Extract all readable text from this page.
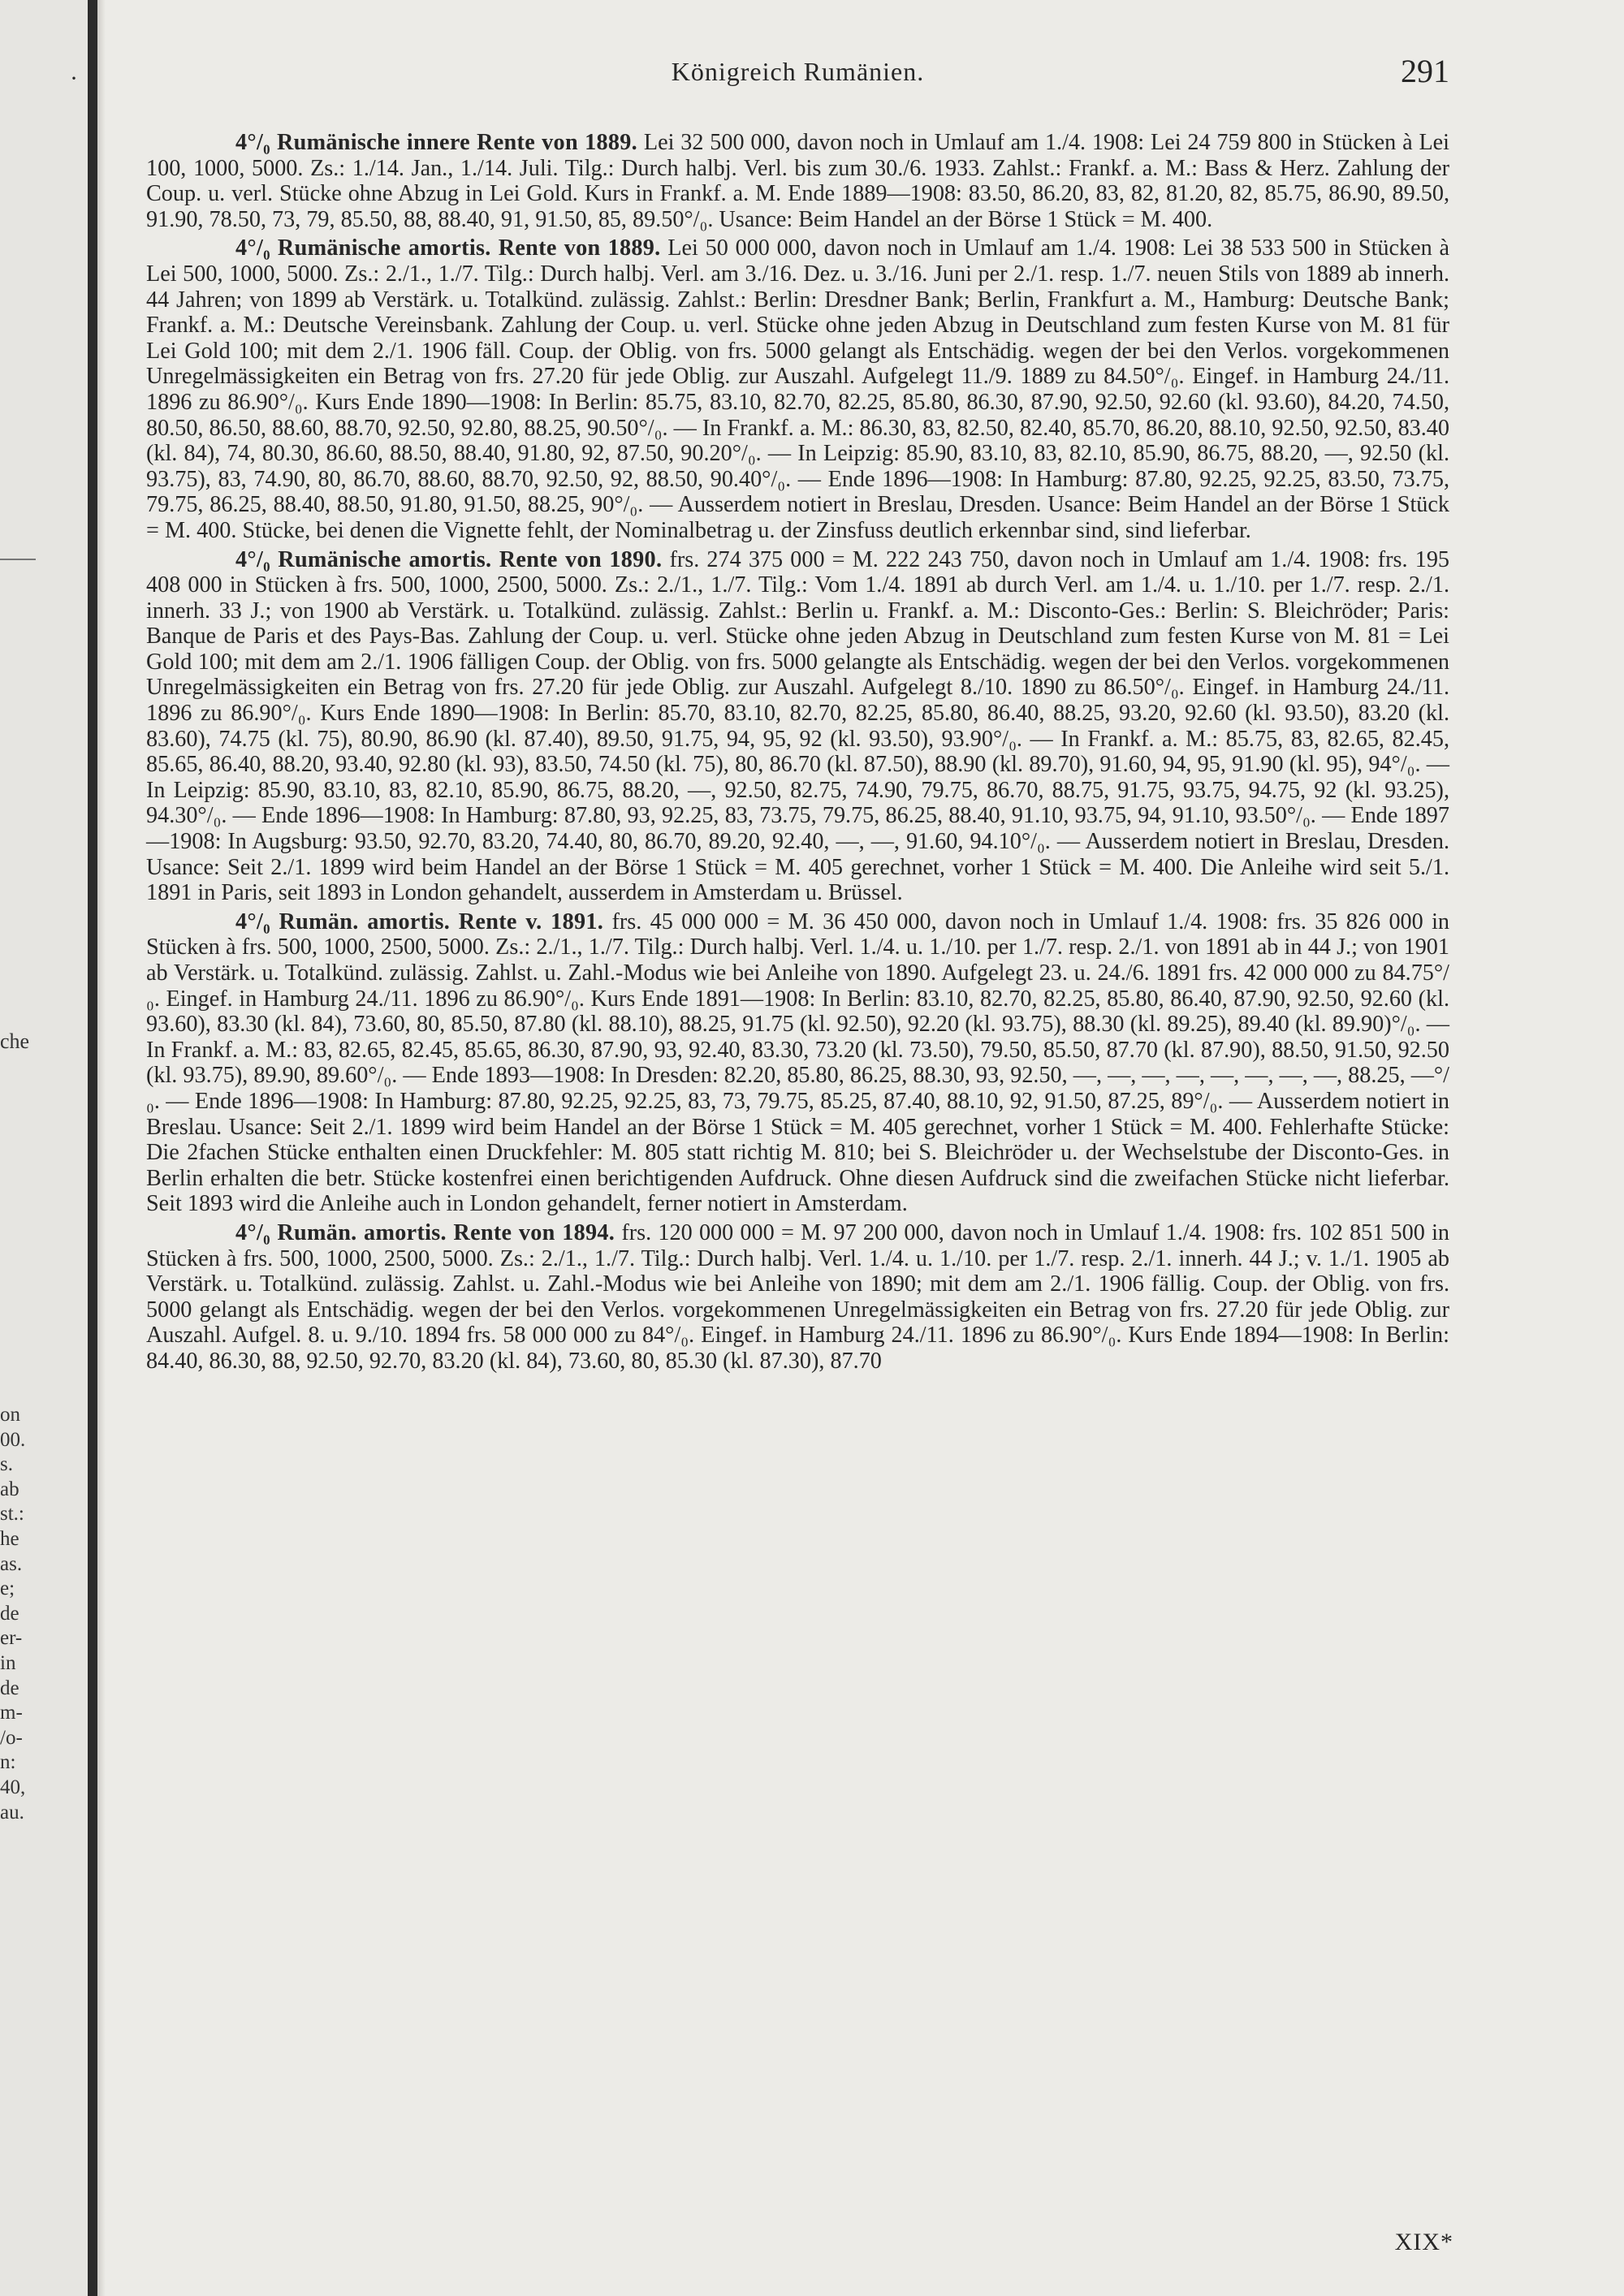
·
che
on
00.
s.
ab
st.:
he
as.
e;
de
er-
in
de
m-
/o-
n:
40,
au.
Königreich Rumänien.	291

4°/₀ Rumänische innere Rente von 1889. Lei 32 500 000, davon noch in Umlauf am 1./4. 1908: Lei 24 759 800 in Stücken à Lei 100, 1000, 5000. Zs.: 1./14. Jan., 1./14. Juli. Tilg.: Durch halbj. Verl. bis zum 30./6. 1933. Zahlst.: Frankf. a. M.: Bass & Herz. Zahlung der Coup. u. verl. Stücke ohne Abzug in Lei Gold. Kurs in Frankf. a. M. Ende 1889—1908: 83.50, 86.20, 83, 82, 81.20, 82, 85.75, 86.90, 89.50, 91.90, 78.50, 73, 79, 85.50, 88, 88.40, 91, 91.50, 85, 89.50°/₀. Usance: Beim Handel an der Börse 1 Stück = M. 400.

4°/₀ Rumänische amortis. Rente von 1889. Lei 50 000 000, davon noch in Umlauf am 1./4. 1908: Lei 38 533 500 in Stücken à Lei 500, 1000, 5000. Zs.: 2./1., 1./7. Tilg.: Durch halbj. Verl. am 3./16. Dez. u. 3./16. Juni per 2./1. resp. 1./7. neuen Stils von 1889 ab innerh. 44 Jahren; von 1899 ab Verstärk. u. Totalkünd. zulässig. Zahlst.: Berlin: Dresdner Bank; Berlin, Frankfurt a. M., Hamburg: Deutsche Bank; Frankf. a. M.: Deutsche Vereinsbank. Zahlung der Coup. u. verl. Stücke ohne jeden Abzug in Deutschland zum festen Kurse von M. 81 für Lei Gold 100; mit dem 2./1. 1906 fäll. Coup. der Oblig. von frs. 5000 gelangt als Entschädig. wegen der bei den Verlos. vorgekommenen Unregelmässigkeiten ein Betrag von frs. 27.20 für jede Oblig. zur Auszahl. Aufgelegt 11./9. 1889 zu 84.50°/₀. Eingef. in Hamburg 24./11. 1896 zu 86.90°/₀. Kurs Ende 1890—1908: In Berlin: 85.75, 83.10, 82.70, 82.25, 85.80, 86.30, 87.90, 92.50, 92.60 (kl. 93.60), 84.20, 74.50, 80.50, 86.50, 88.60, 88.70, 92.50, 92.80, 88.25, 90.50°/₀. — In Frankf. a. M.: 86.30, 83, 82.50, 82.40, 85.70, 86.20, 88.10, 92.50, 92.50, 83.40 (kl. 84), 74, 80.30, 86.60, 88.50, 88.40, 91.80, 92, 87.50, 90.20°/₀. — In Leipzig: 85.90, 83.10, 83, 82.10, 85.90, 86.75, 88.20, —, 92.50 (kl. 93.75), 83, 74.90, 80, 86.70, 88.60, 88.70, 92.50, 92, 88.50, 90.40°/₀. — Ende 1896—1908: In Hamburg: 87.80, 92.25, 92.25, 83.50, 73.75, 79.75, 86.25, 88.40, 88.50, 91.80, 91.50, 88.25, 90°/₀. — Ausserdem notiert in Breslau, Dresden. Usance: Beim Handel an der Börse 1 Stück = M. 400. Stücke, bei denen die Vignette fehlt, der Nominalbetrag u. der Zinsfuss deutlich erkennbar sind, sind lieferbar.

4°/₀ Rumänische amortis. Rente von 1890. frs. 274 375 000 = M. 222 243 750, davon noch in Umlauf am 1./4. 1908: frs. 195 408 000 in Stücken à frs. 500, 1000, 2500, 5000. Zs.: 2./1., 1./7. Tilg.: Vom 1./4. 1891 ab durch Verl. am 1./4. u. 1./10. per 1./7. resp. 2./1. innerh. 33 J.; von 1900 ab Verstärk. u. Totalkünd. zulässig. Zahlst.: Berlin u. Frankf. a. M.: Disconto-Ges.: Berlin: S. Bleichröder; Paris: Banque de Paris et des Pays-Bas. Zahlung der Coup. u. verl. Stücke ohne jeden Abzug in Deutschland zum festen Kurse von M. 81 = Lei Gold 100; mit dem am 2./1. 1906 fälligen Coup. der Oblig. von frs. 5000 gelangte als Entschädig. wegen der bei den Verlos. vorgekommenen Unregelmässigkeiten ein Betrag von frs. 27.20 für jede Oblig. zur Auszahl. Aufgelegt 8./10. 1890 zu 86.50°/₀. Eingef. in Hamburg 24./11. 1896 zu 86.90°/₀. Kurs Ende 1890—1908: In Berlin: 85.70, 83.10, 82.70, 82.25, 85.80, 86.40, 88.25, 93.20, 92.60 (kl. 93.50), 83.20 (kl. 83.60), 74.75 (kl. 75), 80.90, 86.90 (kl. 87.40), 89.50, 91.75, 94, 95, 92 (kl. 93.50), 93.90°/₀. — In Frankf. a. M.: 85.75, 83, 82.65, 82.45, 85.65, 86.40, 88.20, 93.40, 92.80 (kl. 93), 83.50, 74.50 (kl. 75), 80, 86.70 (kl. 87.50), 88.90 (kl. 89.70), 91.60, 94, 95, 91.90 (kl. 95), 94°/₀. — In Leipzig: 85.90, 83.10, 83, 82.10, 85.90, 86.75, 88.20, —, 92.50, 82.75, 74.90, 79.75, 86.70, 88.75, 91.75, 93.75, 94.75, 92 (kl. 93.25), 94.30°/₀. — Ende 1896—1908: In Hamburg: 87.80, 93, 92.25, 83, 73.75, 79.75, 86.25, 88.40, 91.10, 93.75, 94, 91.10, 93.50°/₀. — Ende 1897—1908: In Augsburg: 93.50, 92.70, 83.20, 74.40, 80, 86.70, 89.20, 92.40, —, —, 91.60, 94.10°/₀. — Ausserdem notiert in Breslau, Dresden. Usance: Seit 2./1. 1899 wird beim Handel an der Börse 1 Stück = M. 405 gerechnet, vorher 1 Stück = M. 400. Die Anleihe wird seit 5./1. 1891 in Paris, seit 1893 in London gehandelt, ausserdem in Amsterdam u. Brüssel.

4°/₀ Rumän. amortis. Rente v. 1891. frs. 45 000 000 = M. 36 450 000, davon noch in Umlauf 1./4. 1908: frs. 35 826 000 in Stücken à frs. 500, 1000, 2500, 5000. Zs.: 2./1., 1./7. Tilg.: Durch halbj. Verl. 1./4. u. 1./10. per 1./7. resp. 2./1. von 1891 ab in 44 J.; von 1901 ab Verstärk. u. Totalkünd. zulässig. Zahlst. u. Zahl.-Modus wie bei Anleihe von 1890. Aufgelegt 23. u. 24./6. 1891 frs. 42 000 000 zu 84.75°/₀. Eingef. in Hamburg 24./11. 1896 zu 86.90°/₀. Kurs Ende 1891—1908: In Berlin: 83.10, 82.70, 82.25, 85.80, 86.40, 87.90, 92.50, 92.60 (kl. 93.60), 83.30 (kl. 84), 73.60, 80, 85.50, 87.80 (kl. 88.10), 88.25, 91.75 (kl. 92.50), 92.20 (kl. 93.75), 88.30 (kl. 89.25), 89.40 (kl. 89.90)°/₀. — In Frankf. a. M.: 83, 82.65, 82.45, 85.65, 86.30, 87.90, 93, 92.40, 83.30, 73.20 (kl. 73.50), 79.50, 85.50, 87.70 (kl. 87.90), 88.50, 91.50, 92.50 (kl. 93.75), 89.90, 89.60°/₀. — Ende 1893—1908: In Dresden: 82.20, 85.80, 86.25, 88.30, 93, 92.50, —, —, —, —, —, —, —, —, 88.25, —°/₀. — Ende 1896—1908: In Hamburg: 87.80, 92.25, 92.25, 83, 73, 79.75, 85.25, 87.40, 88.10, 92, 91.50, 87.25, 89°/₀. — Ausserdem notiert in Breslau. Usance: Seit 2./1. 1899 wird beim Handel an der Börse 1 Stück = M. 405 gerechnet, vorher 1 Stück = M. 400. Fehlerhafte Stücke: Die 2fachen Stücke enthalten einen Druckfehler: M. 805 statt richtig M. 810; bei S. Bleichröder u. der Wechselstube der Disconto-Ges. in Berlin erhalten die betr. Stücke kostenfrei einen berichtigenden Aufdruck. Ohne diesen Aufdruck sind die zweifachen Stücke nicht lieferbar. Seit 1893 wird die Anleihe auch in London gehandelt, ferner notiert in Amsterdam.

4°/₀ Rumän. amortis. Rente von 1894. frs. 120 000 000 = M. 97 200 000, davon noch in Umlauf 1./4. 1908: frs. 102 851 500 in Stücken à frs. 500, 1000, 2500, 5000. Zs.: 2./1., 1./7. Tilg.: Durch halbj. Verl. 1./4. u. 1./10. per 1./7. resp. 2./1. innerh. 44 J.; v. 1./1. 1905 ab Verstärk. u. Totalkünd. zulässig. Zahlst. u. Zahl.-Modus wie bei Anleihe von 1890; mit dem am 2./1. 1906 fällig. Coup. der Oblig. von frs. 5000 gelangt als Entschädig. wegen der bei den Verlos. vorgekommenen Unregelmässigkeiten ein Betrag von frs. 27.20 für jede Oblig. zur Auszahl. Aufgel. 8. u. 9./10. 1894 frs. 58 000 000 zu 84°/₀. Eingef. in Hamburg 24./11. 1896 zu 86.90°/₀. Kurs Ende 1894—1908: In Berlin: 84.40, 86.30, 88, 92.50, 92.70, 83.20 (kl. 84), 73.60, 80, 85.30 (kl. 87.30), 87.70

XIX*
